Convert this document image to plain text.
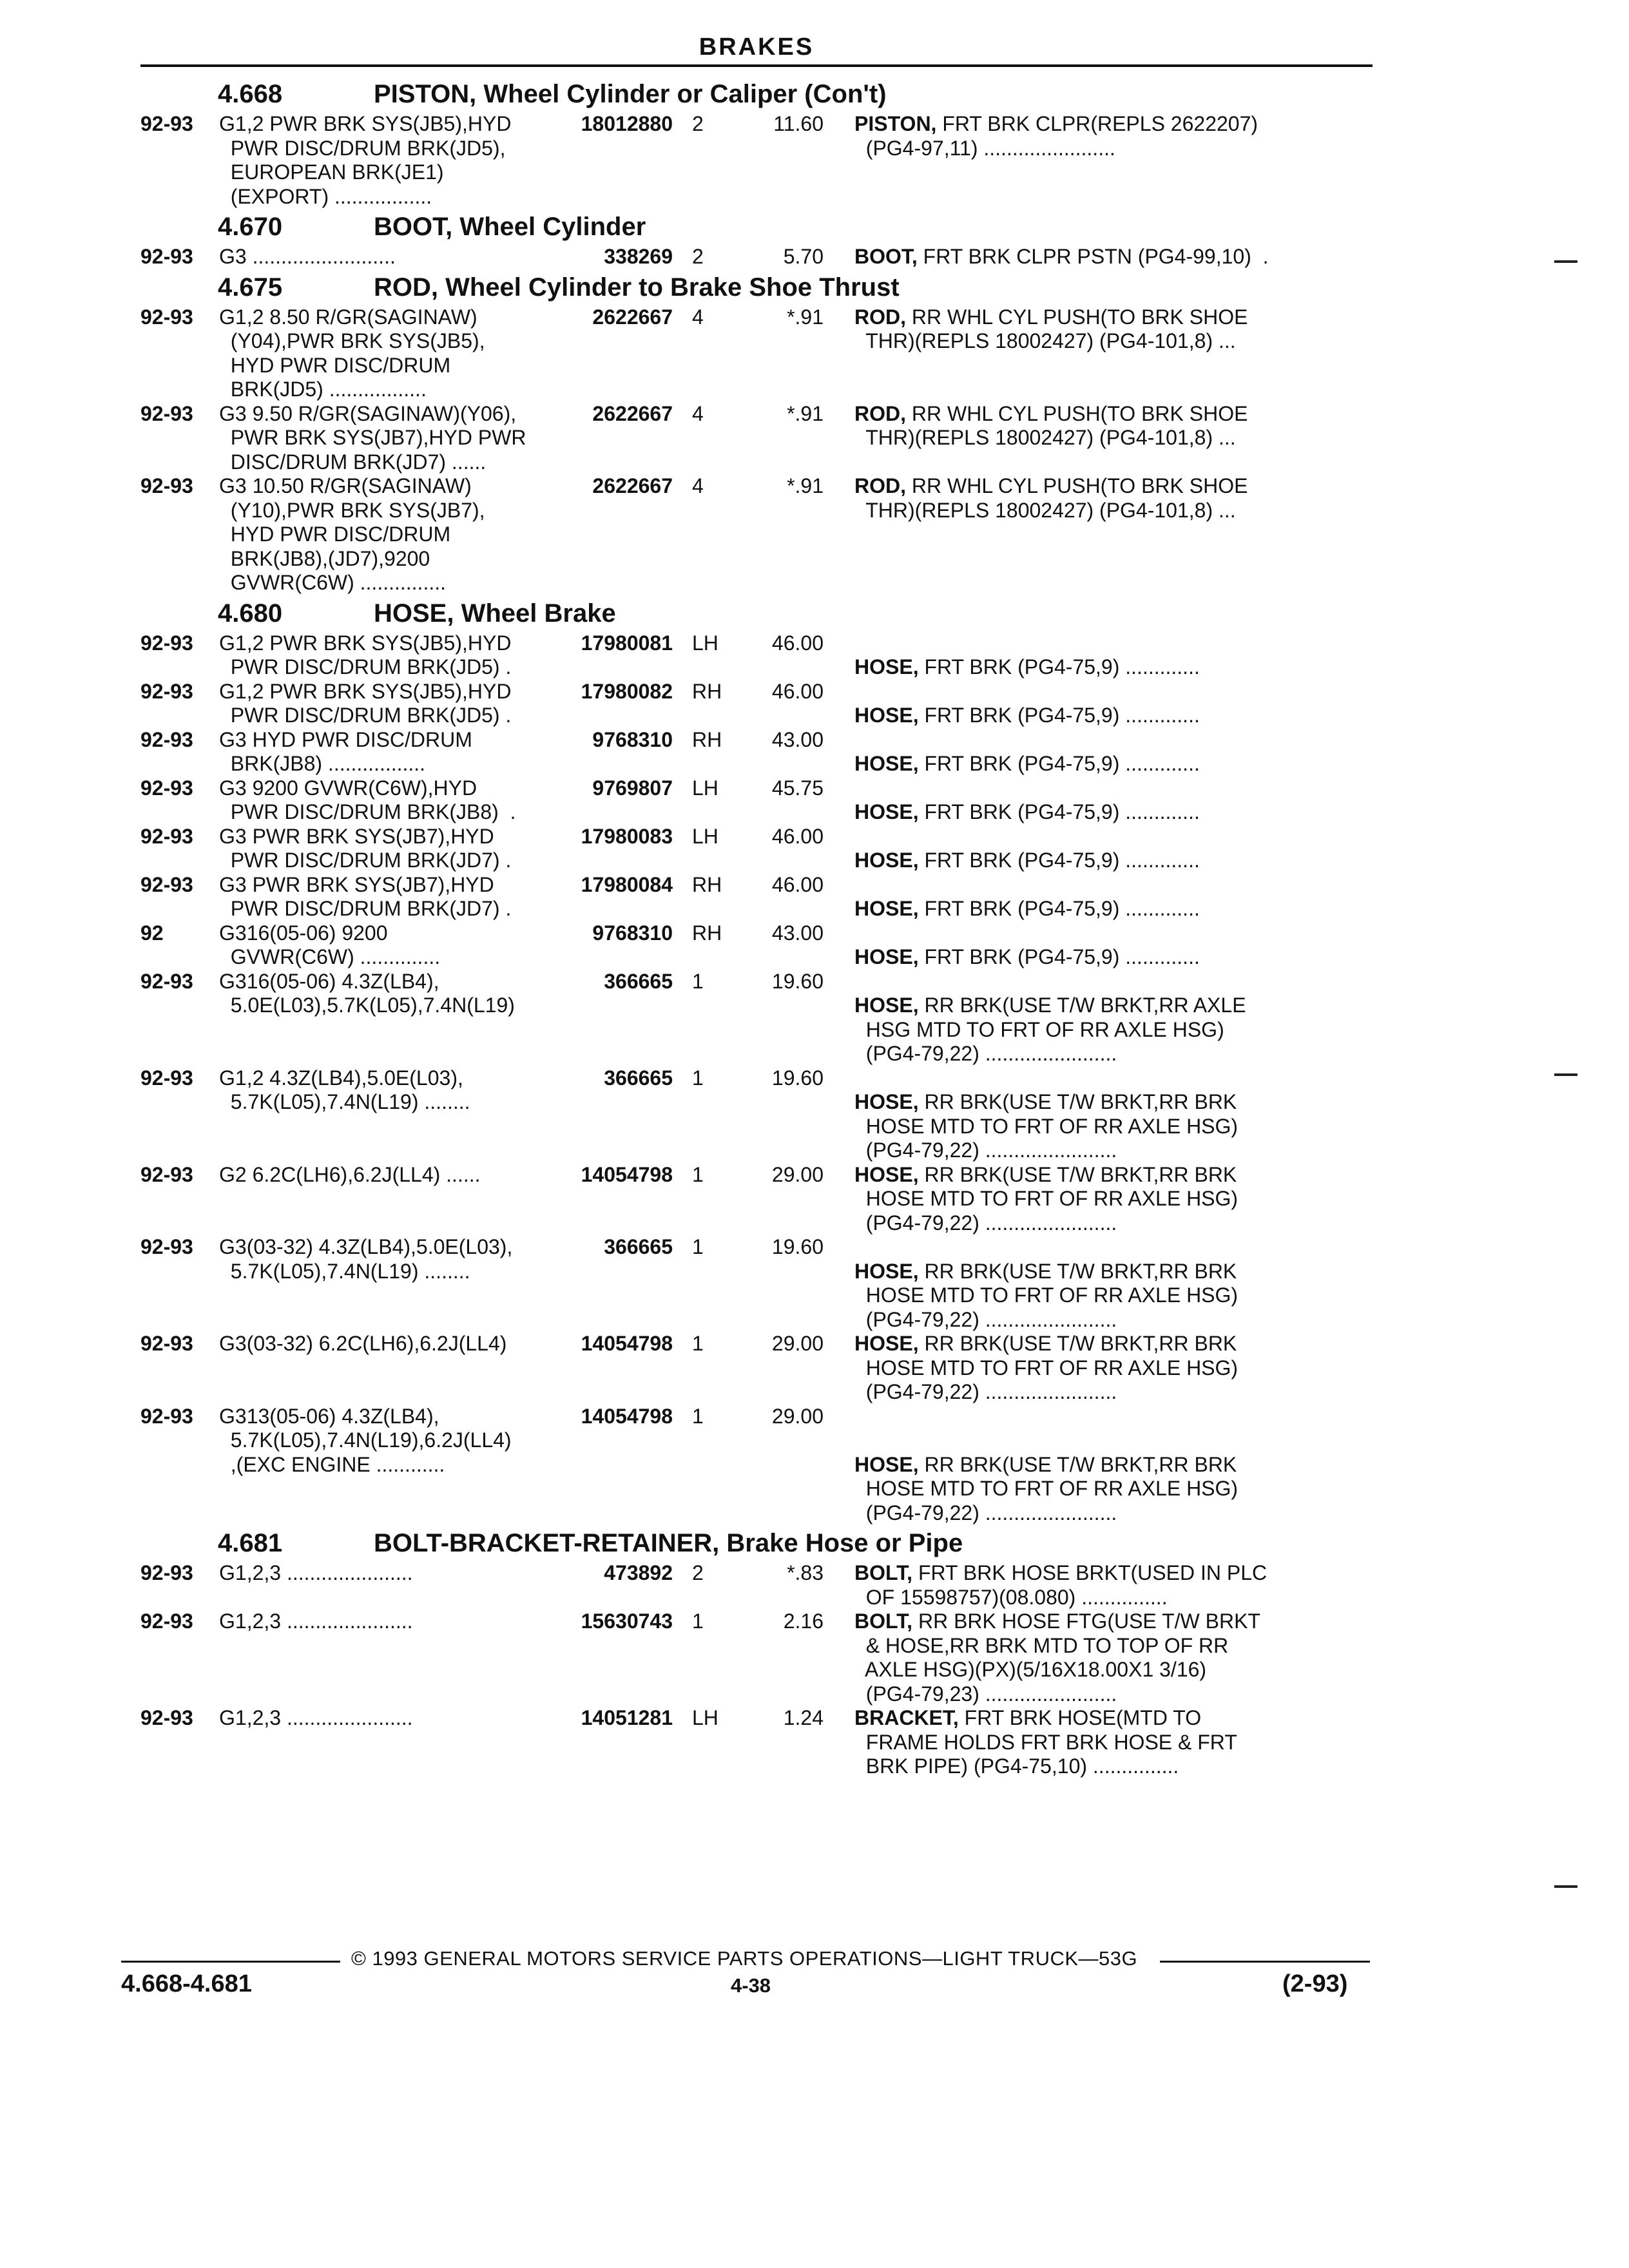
BRAKES
4.668	PISTON, Wheel Cylinder or Caliper (Con't)
92-93	G1,2 PWR BRK SYS(JB5),HYD
PWR DISC/DRUM BRK(JD5),
EUROPEAN BRK(JE1)
(EXPORT) .................
18012880 2	11.60 PISTON, FRT BRK CLPR(REPLS 2622207)
(PG4-97,11) .......................
4.670	BOOT, Wheel Cylinder
92-93	G3 .........................	338269 2	5.70 BOOT, FRT BRK CLPR PSTN (PG4-99,10)  .
4.675	ROD, Wheel Cylinder to Brake Shoe Thrust
92-93	G1,2 8.50 R/GR(SAGINAW)
(Y04),PWR BRK SYS(JB5),
HYD PWR DISC/DRUM
BRK(JD5) .................
2622667 4	*.91 ROD, RR WHL CYL PUSH(TO BRK SHOE
THR)(REPLS 18002427) (PG4-101,8) ...
92-93	G3 9.50 R/GR(SAGINAW)(Y06),
PWR BRK SYS(JB7),HYD PWR
DISC/DRUM BRK(JD7) ......
2622667 4	*.91 ROD, RR WHL CYL PUSH(TO BRK SHOE
THR)(REPLS 18002427) (PG4-101,8) ...
92-93	G3 10.50 R/GR(SAGINAW)
(Y10),PWR BRK SYS(JB7),
HYD PWR DISC/DRUM
BRK(JB8),(JD7),9200
GVWR(C6W) ...............
2622667 4	*.91 ROD, RR WHL CYL PUSH(TO BRK SHOE
THR)(REPLS 18002427) (PG4-101,8) ...
4.680	HOSE, Wheel Brake
92-93	G1,2 PWR BRK SYS(JB5),HYD
PWR DISC/DRUM BRK(JD5) .
17980081 LH	46.00

HOSE, FRT BRK (PG4-75,9) .............
92-93	G1,2 PWR BRK SYS(JB5),HYD
PWR DISC/DRUM BRK(JD5) .
17980082 RH	46.00

HOSE, FRT BRK (PG4-75,9) .............
92-93	G3 HYD PWR DISC/DRUM
BRK(JB8) .................
9768310 RH	43.00

HOSE, FRT BRK (PG4-75,9) .............
92-93	G3 9200 GVWR(C6W),HYD
PWR DISC/DRUM BRK(JB8)  .
9769807 LH	45.75

HOSE, FRT BRK (PG4-75,9) .............
92-93	G3 PWR BRK SYS(JB7),HYD
PWR DISC/DRUM BRK(JD7) .
17980083 LH	46.00

HOSE, FRT BRK (PG4-75,9) .............
92-93	G3 PWR BRK SYS(JB7),HYD
PWR DISC/DRUM BRK(JD7) .
17980084 RH	46.00

HOSE, FRT BRK (PG4-75,9) .............
92	G316(05-06) 9200
GVWR(C6W) ..............
9768310 RH	43.00

HOSE, FRT BRK (PG4-75,9) .............
92-93	G316(05-06) 4.3Z(LB4),
5.0E(L03),5.7K(L05),7.4N(L19)

366665 1	19.60

HOSE, RR BRK(USE T/W BRKT,RR AXLE
HSG MTD TO FRT OF RR AXLE HSG)
(PG4-79,22) .......................
92-93	G1,2 4.3Z(LB4),5.0E(L03),
5.7K(L05),7.4N(L19) ........

366665 1	19.60

HOSE, RR BRK(USE T/W BRKT,RR BRK
HOSE MTD TO FRT OF RR AXLE HSG)
(PG4-79,22) .......................
92-93	G2 6.2C(LH6),6.2J(LL4) ......	14054798 1	29.00 HOSE, RR BRK(USE T/W BRKT,RR BRK
HOSE MTD TO FRT OF RR AXLE HSG)
(PG4-79,22) .......................
92-93	G3(03-32) 4.3Z(LB4),5.0E(L03),
5.7K(L05),7.4N(L19) ........

366665 1	19.60

HOSE, RR BRK(USE T/W BRKT,RR BRK
HOSE MTD TO FRT OF RR AXLE HSG)
(PG4-79,22) .......................
92-93	G3(03-32) 6.2C(LH6),6.2J(LL4)	14054798 1	29.00 HOSE, RR BRK(USE T/W BRKT,RR BRK
HOSE MTD TO FRT OF RR AXLE HSG)
(PG4-79,22) .......................
92-93	G313(05-06) 4.3Z(LB4),
5.7K(L05),7.4N(L19),6.2J(LL4)
,(EXC ENGINE ............

14054798 1	29.00

HOSE, RR BRK(USE T/W BRKT,RR BRK
HOSE MTD TO FRT OF RR AXLE HSG)
(PG4-79,22) .......................
4.681	BOLT-BRACKET-RETAINER, Brake Hose or Pipe
92-93	G1,2,3 ......................	473892 2	*.83 BOLT, FRT BRK HOSE BRKT(USED IN PLC
OF 15598757)(08.080) ...............
92-93	G1,2,3 ......................	15630743 1	2.16 BOLT, RR BRK HOSE FTG(USE T/W BRKT
& HOSE,RR BRK MTD TO TOP OF RR
AXLE HSG)(PX)(5/16X18.00X1 3/16)
(PG4-79,23) .......................
92-93	G1,2,3 ......................	14051281 LH	1.24 BRACKET, FRT BRK HOSE(MTD TO
FRAME HOLDS FRT BRK HOSE & FRT
BRK PIPE) (PG4-75,10) ...............
© 1993 GENERAL MOTORS SERVICE PARTS OPERATIONS—LIGHT TRUCK—53G
4.668-4.681	4-38	(2-93)
